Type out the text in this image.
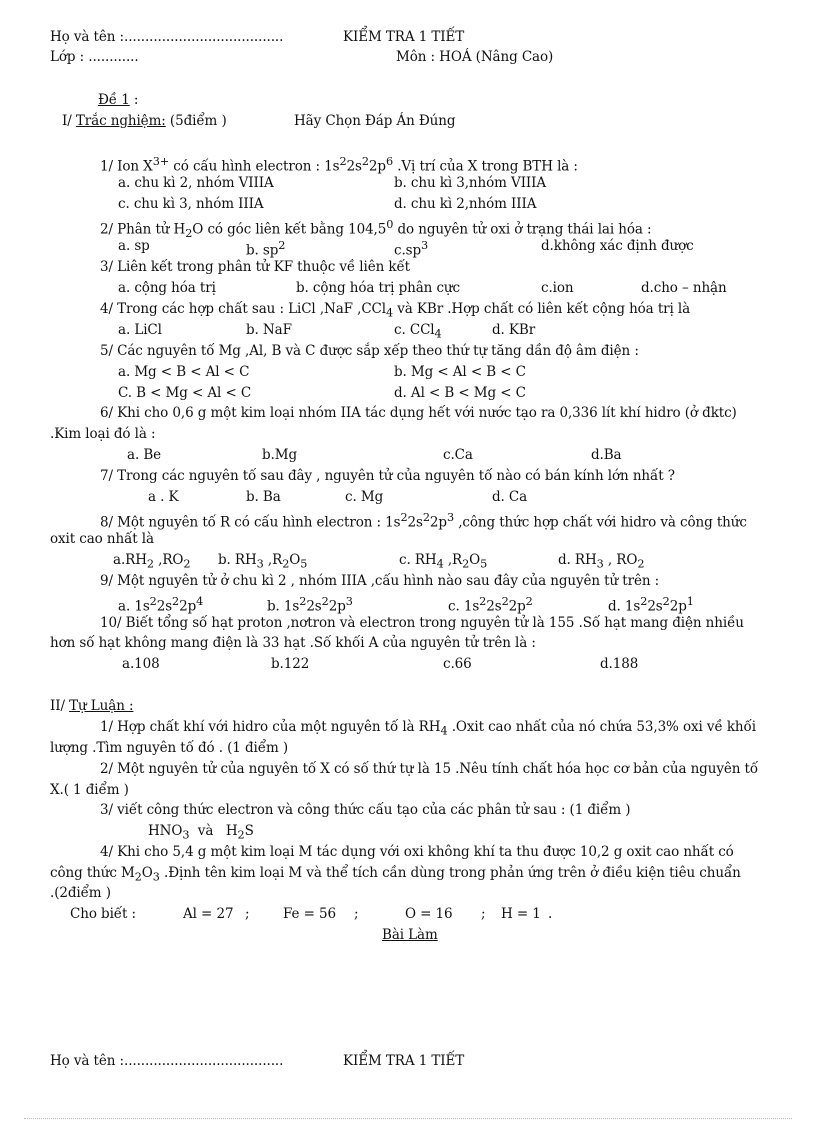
Họ và tên :......................................	KIỂM TRA 1 TIẾT
Lớp : ............	Môn : HOÁ (Nâng Cao)
Đề 1 :
I/ Trắc nghiệm: (5điểm )	Hãy Chọn Đáp Án Đúng
1/ Ion $X^{3+}$ có cấu hình electron : $1s^22s^22p^6$ .Vị trí của X trong BTH là :
a. chu kì 2, nhóm VIIIA	b. chu kì 3,nhóm VIIIA
c. chu kì 3, nhóm IIIA	d. chu kì 2,nhóm IIIA
2/ Phân tử $H_2O$ có góc liên kết bằng 104,5$^0$ do nguyên tử oxi ở trạng thái lai hóa :
a. sp	b. $sp^2$	$c.sp^3$	d.không xác định được
3/ Liên kết trong phân tử KF thuộc về liên kết
a. cộng hóa trị	b. cộng hóa trị phân cực	c.ion	d.cho – nhận
4/ Trong các hợp chất sau : LiCl ,NaF ,CCl$_4$ và KBr .Hợp chất có liên kết cộng hóa trị là
a. LiCl	b. NaF	c. CCl$_4$	d. KBr
5/ Các nguyên tố Mg ,Al, B và C được sắp xếp theo thứ tự tăng dần độ âm điện :
a. Mg < B < Al < C	b. Mg < Al < B < C
C. B < Mg < Al < C	d. Al < B < Mg < C
6/ Khi cho 0,6 g một kim loại nhóm IIA tác dụng hết với nước tạo ra 0,336 lít khí hidro (ở đktc)
.Kim loại đó là :
a. Be	b.Mg	c.Ca	d.Ba
7/ Trong các nguyên tố sau đây , nguyên tử của nguyên tố nào có bán kính lớn nhất ?
a . K	b. Ba	c. Mg	d. Ca
8/ Một nguyên tố R có cấu hình electron : $1s^22s^22p^3$ ,công thức hợp chất với hidro và công thức
oxit cao nhất là
$a.RH_2$ $,RO_2$ b. $RH_3$ $,R_2O_5$	c. $RH_4$ $,R_2O_5$	d. $RH_3$ , $RO_2$
9/ Một nguyên tử ở chu kì 2 , nhóm IIIA ,cấu hình nào sau đây của nguyên tử trên :
a. $1s^22s^22p^4$	b. $1s^22s^22p^3$	c. $1s^22s^22p^2$	d. $1s^22s^22p^1$
10/ Biết tổng số hạt proton ,nơtron và electron trong nguyên tử là 155 .Số hạt mang điện nhiều
hơn số hạt không mang điện là 33 hạt .Số khối A của nguyên tử trên là :
a.108	b.122	c.66	d.188
II/ Tự Luận :
1/ Hợp chất khí với hidro của một nguyên tố là $RH_4$ .Oxit cao nhất của nó chứa 53,3% oxi về khối
lượng .Tìm nguyên tố đó . (1 điểm )
2/ Một nguyên tử của nguyên tố X có số thứ tự là 15 .Nêu tính chất hóa học cơ bản của nguyên tố
X.( 1 điểm )
3/ viết công thức electron và công thức cấu tạo của các phân tử sau : (1 điểm )
$HNO_3$  và   $H_2S$
4/ Khi cho 5,4 g một kim loại M tác dụng với oxi không khí ta thu được 10,2 g oxit cao nhất có
công thức $M_2O_3$ .Định tên kim loại M và thể tích cần dùng trong phản ứng trên ở điều kiện tiêu chuẩn
.(2điểm )
Cho biết :	Al = 27 ; Fe = 56 ;	O = 16 ; H = 1 .
Bài Làm
Họ và tên :......................................	KIỂM TRA 1 TIẾT
